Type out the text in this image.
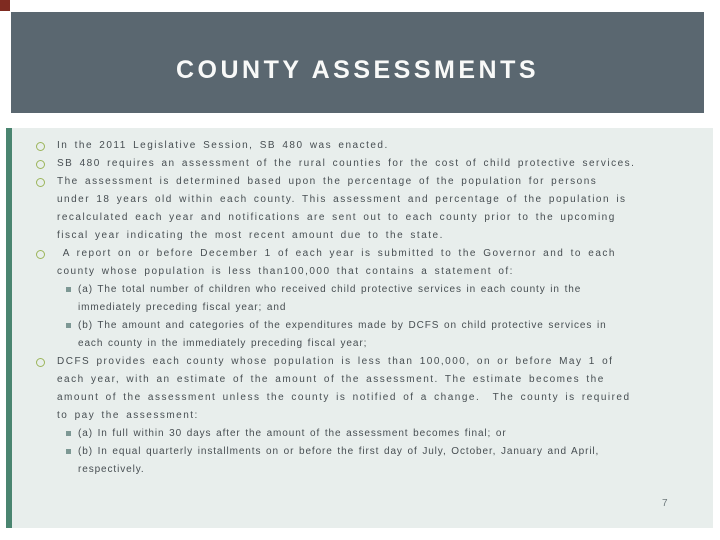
COUNTY ASSESSMENTS
In the 2011 Legislative Session, SB 480 was enacted.
SB 480 requires an assessment of the rural counties for the cost of child protective services.
The assessment is determined based upon the percentage of the population for persons
under 18 years old within each county. This assessment and percentage of the population is
recalculated each year and notifications are sent out to each county prior to the upcoming
fiscal year indicating the most recent amount due to the state.
A report on or before December 1 of each year is submitted to the Governor and to each
county whose population is less than100,000 that contains a statement of:
(a) The total number of children who received child protective services in each county in the
immediately preceding fiscal year; and
(b) The amount and categories of the expenditures made by DCFS on child protective services in
each county in the immediately preceding fiscal year;
DCFS provides each county whose population is less than 100,000, on or before May 1 of
each year, with an estimate of the amount of the assessment. The estimate becomes the
amount of the assessment unless the county is notified of a change.  The county is required
to pay the assessment:
(a) In full within 30 days after the amount of the assessment becomes final; or
(b) In equal quarterly installments on or before the first day of July, October, January and April,
respectively.
7
